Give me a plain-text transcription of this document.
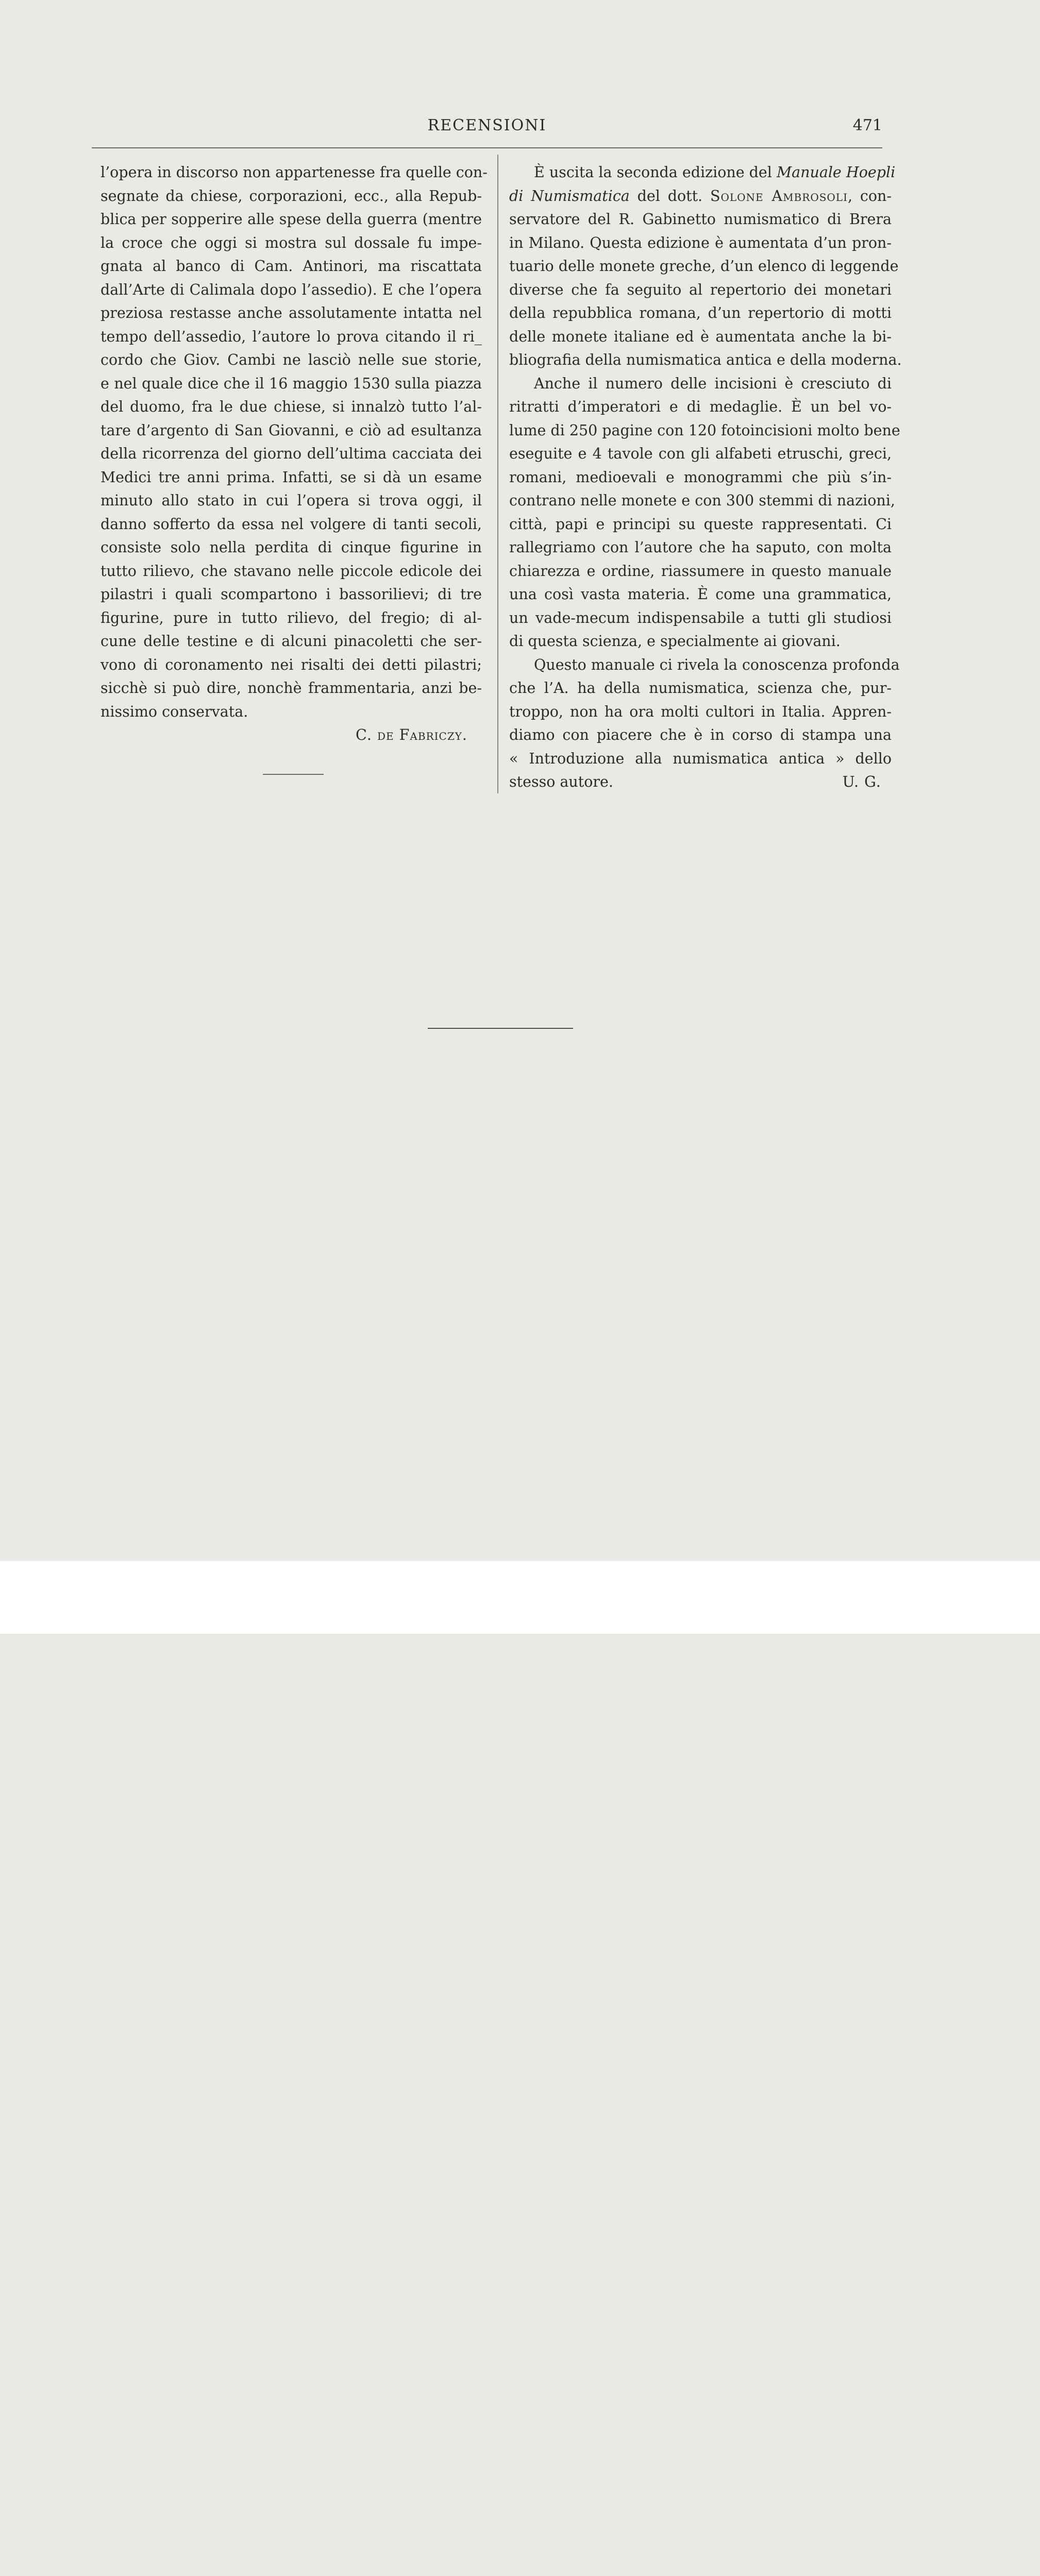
RECENSIONI	471
l’opera in discorso non appartenesse fra quelle con-
segnate da chiese, corporazioni, ecc., alla Repub-
blica per sopperire alle spese della guerra (mentre
la croce che oggi si mostra sul dossale fu impe-
gnata al banco di Cam. Antinori, ma riscattata
dall’Arte di Calimala dopo l’assedio). E che l’opera
preziosa restasse anche assolutamente intatta nel
tempo dell’assedio, l’autore lo prova citando il ri_
cordo che Giov. Cambi ne lasciò nelle sue storie,
e nel quale dice che il 16 maggio 1530 sulla piazza
del duomo, fra le due chiese, si innalzò tutto l’al-
tare d’argento di San Giovanni, e ciò ad esultanza
della ricorrenza del giorno dell’ultima cacciata dei
Medici tre anni prima. Infatti, se si dà un esame
minuto allo stato in cui l’opera si trova oggi, il
danno sofferto da essa nel volgere di tanti secoli,
consiste solo nella perdita di cinque figurine in
tutto rilievo, che stavano nelle piccole edicole dei
pilastri i quali scompartono i bassorilievi; di tre
figurine, pure in tutto rilievo, del fregio; di al-
cune delle testine e di alcuni pinacoletti che ser-
vono di coronamento nei risalti dei detti pilastri;
sicchè si può dire, nonchè frammentaria, anzi be-
nissimo conservata.
C. de Fabriczy.
È uscita la seconda edizione del Manuale Hoepli
di Numismatica del dott. Solone Ambrosoli, con-
servatore del R. Gabinetto numismatico di Brera
in Milano. Questa edizione è aumentata d’un pron-
tuario delle monete greche, d’un elenco di leggende
diverse che fa seguito al repertorio dei monetari
della repubblica romana, d’un repertorio di motti
delle monete italiane ed è aumentata anche la bi-
bliografia della numismatica antica e della moderna.
Anche il numero delle incisioni è cresciuto di
ritratti d’imperatori e di medaglie. È un bel vo-
lume di 250 pagine con 120 fotoincisioni molto bene
eseguite e 4 tavole con gli alfabeti etruschi, greci,
romani, medioevali e monogrammi che più s’in-
contrano nelle monete e con 300 stemmi di nazioni,
città, papi e principi su queste rappresentati. Ci
rallegriamo con l’autore che ha saputo, con molta
chiarezza e ordine, riassumere in questo manuale
una così vasta materia. È come una grammatica,
un vade-mecum indispensabile a tutti gli studiosi
di questa scienza, e specialmente ai giovani.
Questo manuale ci rivela la conoscenza profonda
che l’A. ha della numismatica, scienza che, pur-
troppo, non ha ora molti cultori in Italia. Appren-
diamo con piacere che è in corso di stampa una
« Introduzione alla numismatica antica » dello
stesso autore.	U. G.
